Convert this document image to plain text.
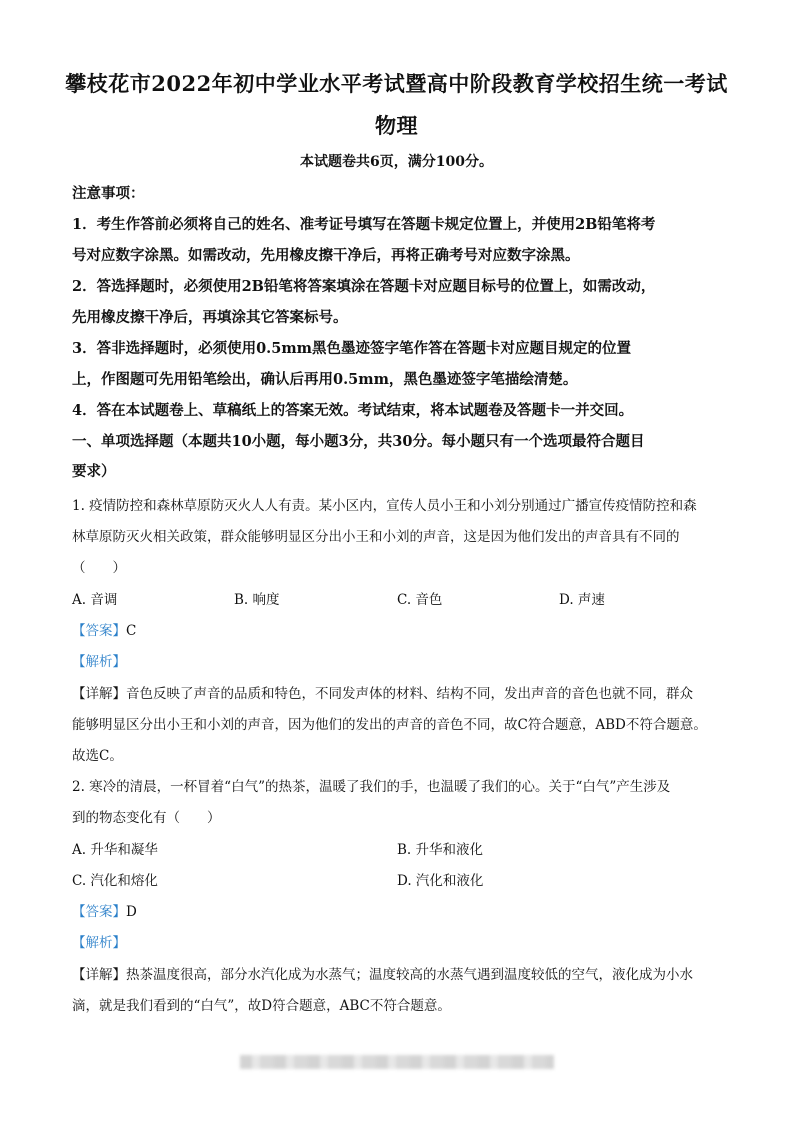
攀枝花市2022年初中学业水平考试暨高中阶段教育学校招生统一考试
物理
本试题卷共6页，满分100分。
注意事项：
1．考生作答前必须将自己的姓名、准考证号填写在答题卡规定位置上，并使用2B铅笔将考
号对应数字涂黑。如需改动，先用橡皮擦干净后，再将正确考号对应数字涂黑。
2．答选择题时，必须使用2B铅笔将答案填涂在答题卡对应题目标号的位置上，如需改动，
先用橡皮擦干净后，再填涂其它答案标号。
3．答非选择题时，必须使用0.5mm黑色墨迹签字笔作答在答题卡对应题目规定的位置
上，作图题可先用铅笔绘出，确认后再用0.5mm，黑色墨迹签字笔描绘清楚。
4．答在本试题卷上、草稿纸上的答案无效。考试结束，将本试题卷及答题卡一并交回。
一、单项选择题（本题共10小题，每小题3分，共30分。每小题只有一个选项最符合题目
要求）
1. 疫情防控和森林草原防灭火人人有责。某小区内，宣传人员小王和小刘分别通过广播宣传疫情防控和森
林草原防灭火相关政策，群众能够明显区分出小王和小刘的声音，这是因为他们发出的声音具有不同的
（　　）
A. 音调	B. 响度	C. 音色	D. 声速
【答案】C
【解析】
【详解】音色反映了声音的品质和特色，不同发声体的材料、结构不同，发出声音的音色也就不同，群众
能够明显区分出小王和小刘的声音，因为他们的发出的声音的音色不同，故C符合题意，ABD不符合题意。
故选C。
2. 寒冷的清晨，一杯冒着“白气”的热茶，温暖了我们的手，也温暖了我们的心。关于“白气”产生涉及
到的物态变化有（　　）
A. 升华和凝华	B. 升华和液化
C. 汽化和熔化	D. 汽化和液化
【答案】D
【解析】
【详解】热茶温度很高，部分水汽化成为水蒸气；温度较高的水蒸气遇到温度较低的空气，液化成为小水
滴，就是我们看到的“白气”，故D符合题意，ABC不符合题意。
